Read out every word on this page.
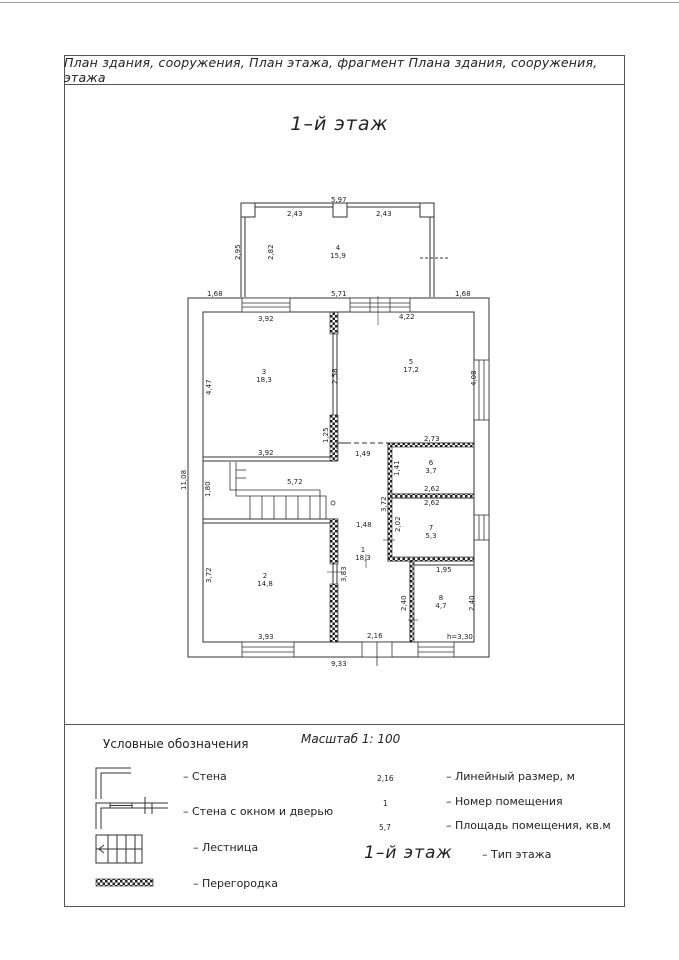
План здания, сооружения, План этажа, фрагмент Плана здания, сооружения, этажа
1–й этаж
5,97
2,43	2,43
2,95	2,82
1,68	5,71	1,68
3,92	4,22
4,47
2,58	4,08
1,25
3,92	1,49
2,73
1,41
11,08 1,80	5,72
2,62
3,72	2,62
1,48	2,02
1,95
3,72	3,83
2,40	2,40
3,93	2,16	h=3,30
9,33
4
15,9
3
18,3
5
17,2
6
3,7
7
5,3
1
18,3
2
14,8
8
4,7
Условные обозначения	Масштаб 1: 100
– Стена
– Стена с окном и дверью
– Лестница
– Перегородка
2,16	– Линейный размер, м
1	– Номер помещения
5,7	– Площадь помещения, кв.м
1–й этаж	– Тип этажа
